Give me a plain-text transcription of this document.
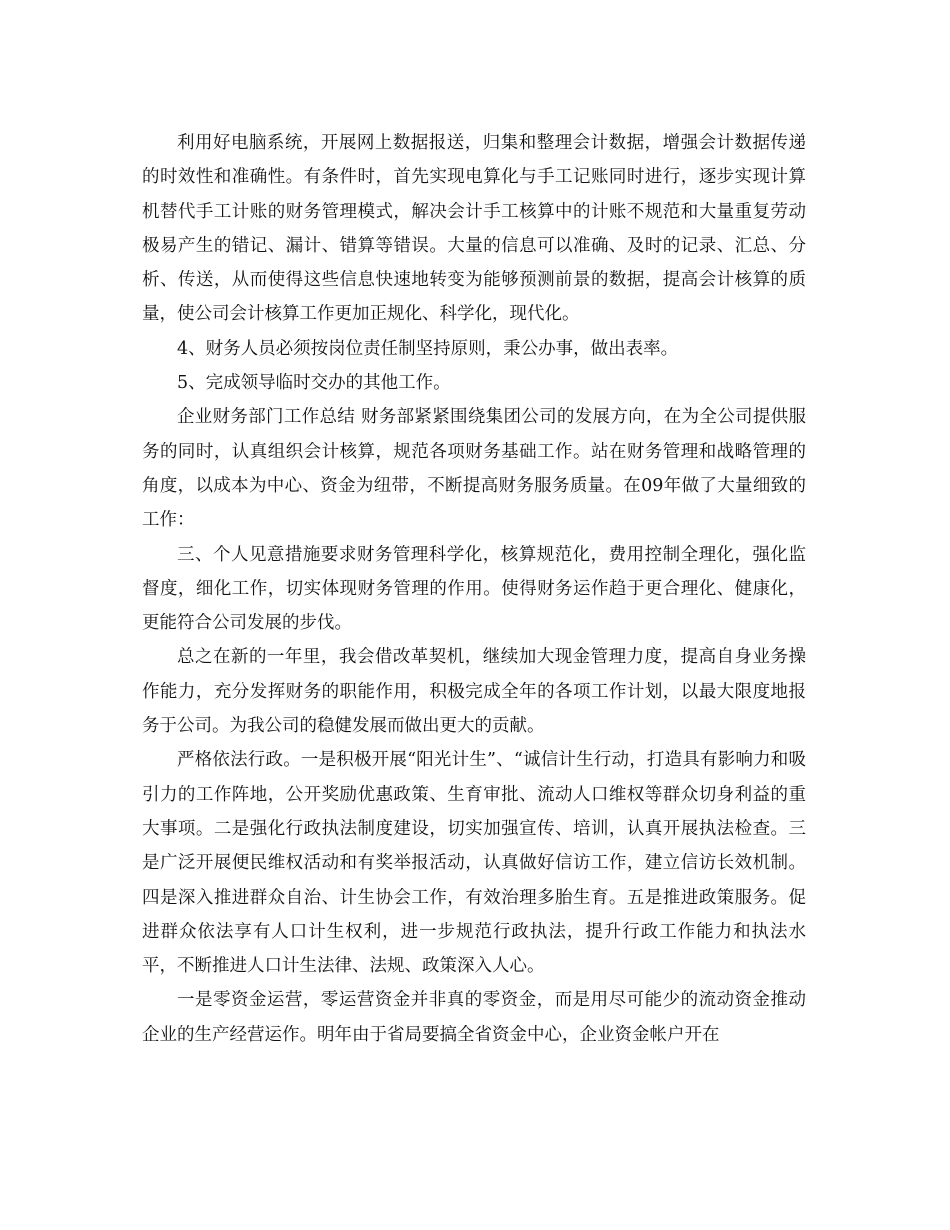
利用好电脑系统，开展网上数据报送，归集和整理会计数据，增强会计数据传递的时效性和准确性。有条件时，首先实现电算化与手工记账同时进行，逐步实现计算机替代手工计账的财务管理模式，解决会计手工核算中的计账不规范和大量重复劳动极易产生的错记、漏计、错算等错误。大量的信息可以准确、及时的记录、汇总、分析、传送，从而使得这些信息快速地转变为能够预测前景的数据，提高会计核算的质量，使公司会计核算工作更加正规化、科学化，现代化。

4、财务人员必须按岗位责任制坚持原则，秉公办事，做出表率。

5、完成领导临时交办的其他工作。

企业财务部门工作总结 财务部紧紧围绕集团公司的发展方向，在为全公司提供服务的同时，认真组织会计核算，规范各项财务基础工作。站在财务管理和战略管理的角度，以成本为中心、资金为纽带，不断提高财务服务质量。在09年做了大量细致的工作：

三、个人见意措施要求财务管理科学化，核算规范化，费用控制全理化，强化监督度，细化工作，切实体现财务管理的作用。使得财务运作趋于更合理化、健康化，更能符合公司发展的步伐。

总之在新的一年里，我会借改革契机，继续加大现金管理力度，提高自身业务操作能力，充分发挥财务的职能作用，积极完成全年的各项工作计划，以最大限度地报务于公司。为我公司的稳健发展而做出更大的贡献。

严格依法行政。一是积极开展“阳光计生”、“诚信计生行动，打造具有影响力和吸引力的工作阵地，公开奖励优惠政策、生育审批、流动人口维权等群众切身利益的重大事项。二是强化行政执法制度建设，切实加强宣传、培训，认真开展执法检查。三是广泛开展便民维权活动和有奖举报活动，认真做好信访工作，建立信访长效机制。四是深入推进群众自治、计生协会工作，有效治理多胎生育。五是推进政策服务。促进群众依法享有人口计生权利，进一步规范行政执法，提升行政工作能力和执法水平，不断推进人口计生法律、法规、政策深入人心。

一是零资金运营，零运营资金并非真的零资金，而是用尽可能少的流动资金推动企业的生产经营运作。明年由于省局要搞全省资金中心，企业资金帐户开在
